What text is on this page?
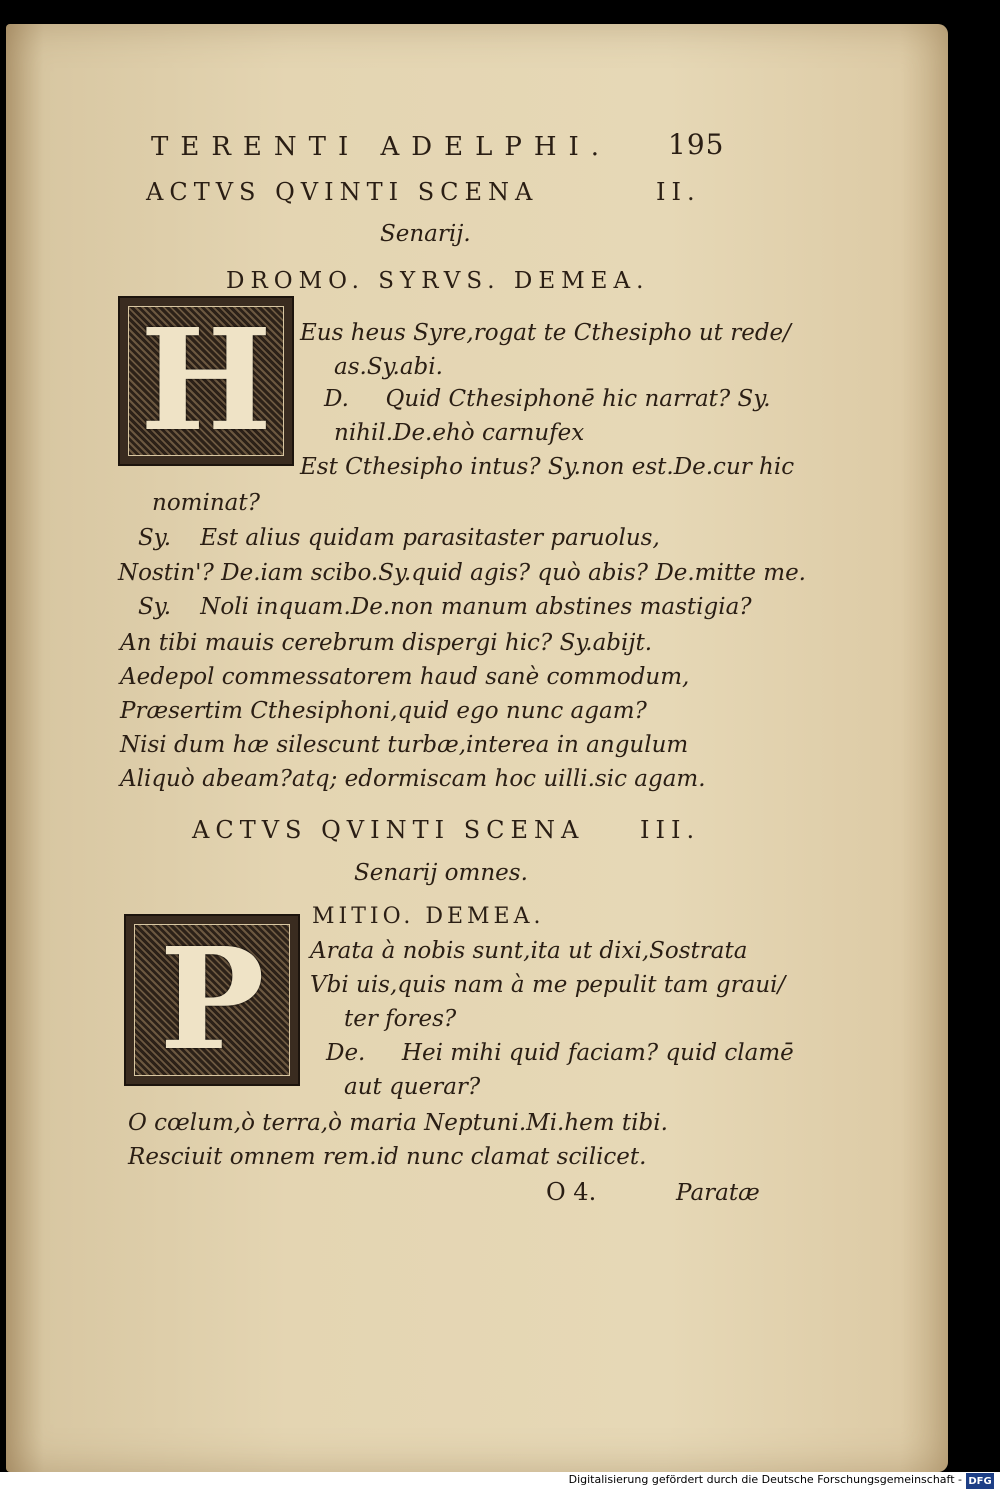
TERENTI ADELPHI. 195
ACTVS QVINTI SCENA	II.
Senarij.
DROMO. SYRVS. DEMEA.
H Eus heus Syre,rogat te Cthesipho ut rede/
as.Sy.abi.
D.     Quid Cthesiphonē hic narrat? Sy.
nihil.De.ehò carnufex
Est Cthesipho intus? Sy.non est.De.cur hic
nominat?
Sy.    Est alius quidam parasitaster paruolus,
Nostin'? De.iam scibo.Sy.quid agis? quò abis? De.mitte me.
Sy.    Noli inquam.De.non manum abstines mastigia?
An tibi mauis cerebrum dispergi hic? Sy.abijt.
Aedepol commessatorem haud sanè commodum,
Præsertim Cthesiphoni,quid ego nunc agam?
Nisi dum hæ silescunt turbæ,interea in angulum
Aliquò abeam?atq; edormiscam hoc uilli.sic agam.
ACTVS QVINTI SCENA III.
Senarij omnes.
MITIO. DEMEA.
P Arata à nobis sunt,ita ut dixi,Sostrata
Vbi uis,quis nam à me pepulit tam graui/
ter fores?
De.     Hei mihi quid faciam? quid clamē
aut querar?
O cœlum,ò terra,ò maria Neptuni.Mi.hem tibi.
Resciuit omnem rem.id nunc clamat scilicet.
O 4.	Paratæ
Digitalisierung gefördert durch die Deutsche Forschungsgemeinschaft - DFG
